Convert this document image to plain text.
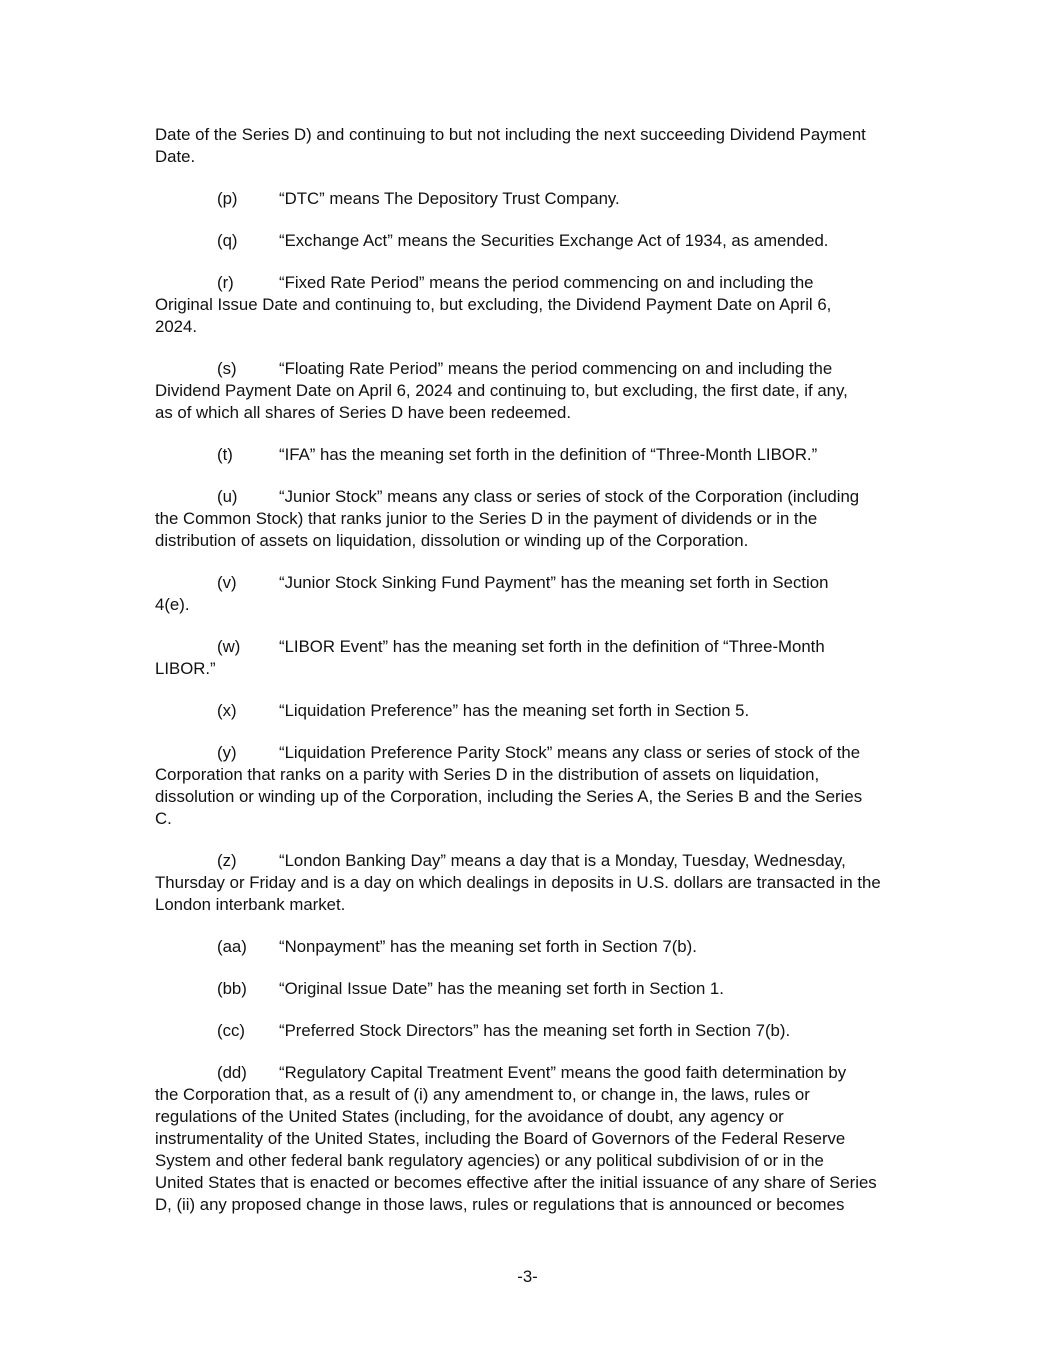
Date of the Series D) and continuing to but not including the next succeeding Dividend Payment
Date.

(p) “DTC” means The Depository Trust Company.

(q) “Exchange Act” means the Securities Exchange Act of 1934, as amended.

(r)	“Fixed Rate Period” means the period commencing on and including the
Original Issue Date and continuing to, but excluding, the Dividend Payment Date on April 6,
2024.

(s)	“Floating Rate Period” means the period commencing on and including the
Dividend Payment Date on April 6, 2024 and continuing to, but excluding, the first date, if any,
as of which all shares of Series D have been redeemed.

(t)	“IFA” has the meaning set forth in the definition of “Three-Month LIBOR.”

(u) “Junior Stock” means any class or series of stock of the Corporation (including
the Common Stock) that ranks junior to the Series D in the payment of dividends or in the
distribution of assets on liquidation, dissolution or winding up of the Corporation.

(v)	“Junior Stock Sinking Fund Payment” has the meaning set forth in Section
4(e).

(w) “LIBOR Event” has the meaning set forth in the definition of “Three-Month
LIBOR.”

(x)	“Liquidation Preference” has the meaning set forth in Section 5.

(y)	“Liquidation Preference Parity Stock” means any class or series of stock of the
Corporation that ranks on a parity with Series D in the distribution of assets on liquidation,
dissolution or winding up of the Corporation, including the Series A, the Series B and the Series
C.

(z)	“London Banking Day” means a day that is a Monday, Tuesday, Wednesday,
Thursday or Friday and is a day on which dealings in deposits in U.S. dollars are transacted in the
London interbank market.

(aa) “Nonpayment” has the meaning set forth in Section 7(b).

(bb) “Original Issue Date” has the meaning set forth in Section 1.

(cc) “Preferred Stock Directors” has the meaning set forth in Section 7(b).

(dd) “Regulatory Capital Treatment Event” means the good faith determination by
the Corporation that, as a result of (i) any amendment to, or change in, the laws, rules or
regulations of the United States (including, for the avoidance of doubt, any agency or
instrumentality of the United States, including the Board of Governors of the Federal Reserve
System and other federal bank regulatory agencies) or any political subdivision of or in the
United States that is enacted or becomes effective after the initial issuance of any share of Series
D, (ii) any proposed change in those laws, rules or regulations that is announced or becomes

-3-
